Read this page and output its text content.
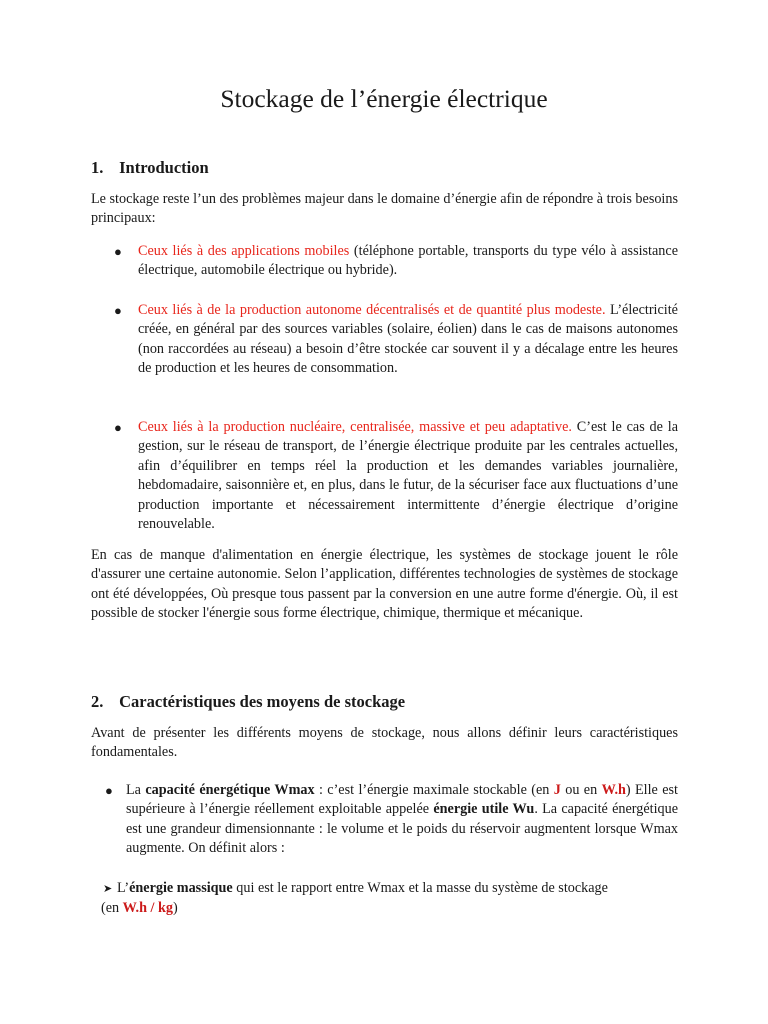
Stockage de l’énergie électrique
1. Introduction

Le stockage reste l’un des problèmes majeur dans le domaine d’énergie afin de répondre à trois besoins principaux:

● Ceux liés à des applications mobiles (téléphone portable, transports du type vélo à assistance électrique, automobile électrique ou hybride).

● Ceux liés à de la production autonome décentralisés et de quantité plus modeste. L’électricité créée, en général par des sources variables (solaire, éolien) dans le cas de maisons autonomes (non raccordées au réseau) a besoin d’être stockée car souvent il y a décalage entre les heures de production et les heures de consommation.

● Ceux liés à la production nucléaire, centralisée, massive et peu adaptative. C’est le cas de la gestion, sur le réseau de transport, de l’énergie électrique produite par les centrales actuelles, afin d’équilibrer en temps réel la production et les demandes variables journalière, hebdomadaire, saisonnière et, en plus, dans le futur, de la sécuriser face aux fluctuations d’une production importante et nécessairement intermittente d’énergie électrique d’origine renouvelable.

En cas de manque d'alimentation en énergie électrique, les systèmes de stockage jouent le rôle d'assurer une certaine autonomie. Selon l’application, différentes technologies de systèmes de stockage ont été développées, Où presque tous passent par la conversion en une autre forme d'énergie. Où, il est possible de stocker l'énergie sous forme électrique, chimique, thermique et mécanique.

2. Caractéristiques des moyens de stockage

Avant de présenter les différents moyens de stockage, nous allons définir leurs caractéristiques fondamentales.

● La capacité énergétique Wmax : c’est l’énergie maximale stockable (en J ou en W.h) Elle est supérieure à l’énergie réellement exploitable appelée énergie utile Wu. La capacité énergétique est une grandeur dimensionnante : le volume et le poids du réservoir augmentent lorsque Wmax augmente. On définit alors :

➤ L’énergie massique qui est le rapport entre Wmax et la masse du système de stockage
(en W.h / kg)
